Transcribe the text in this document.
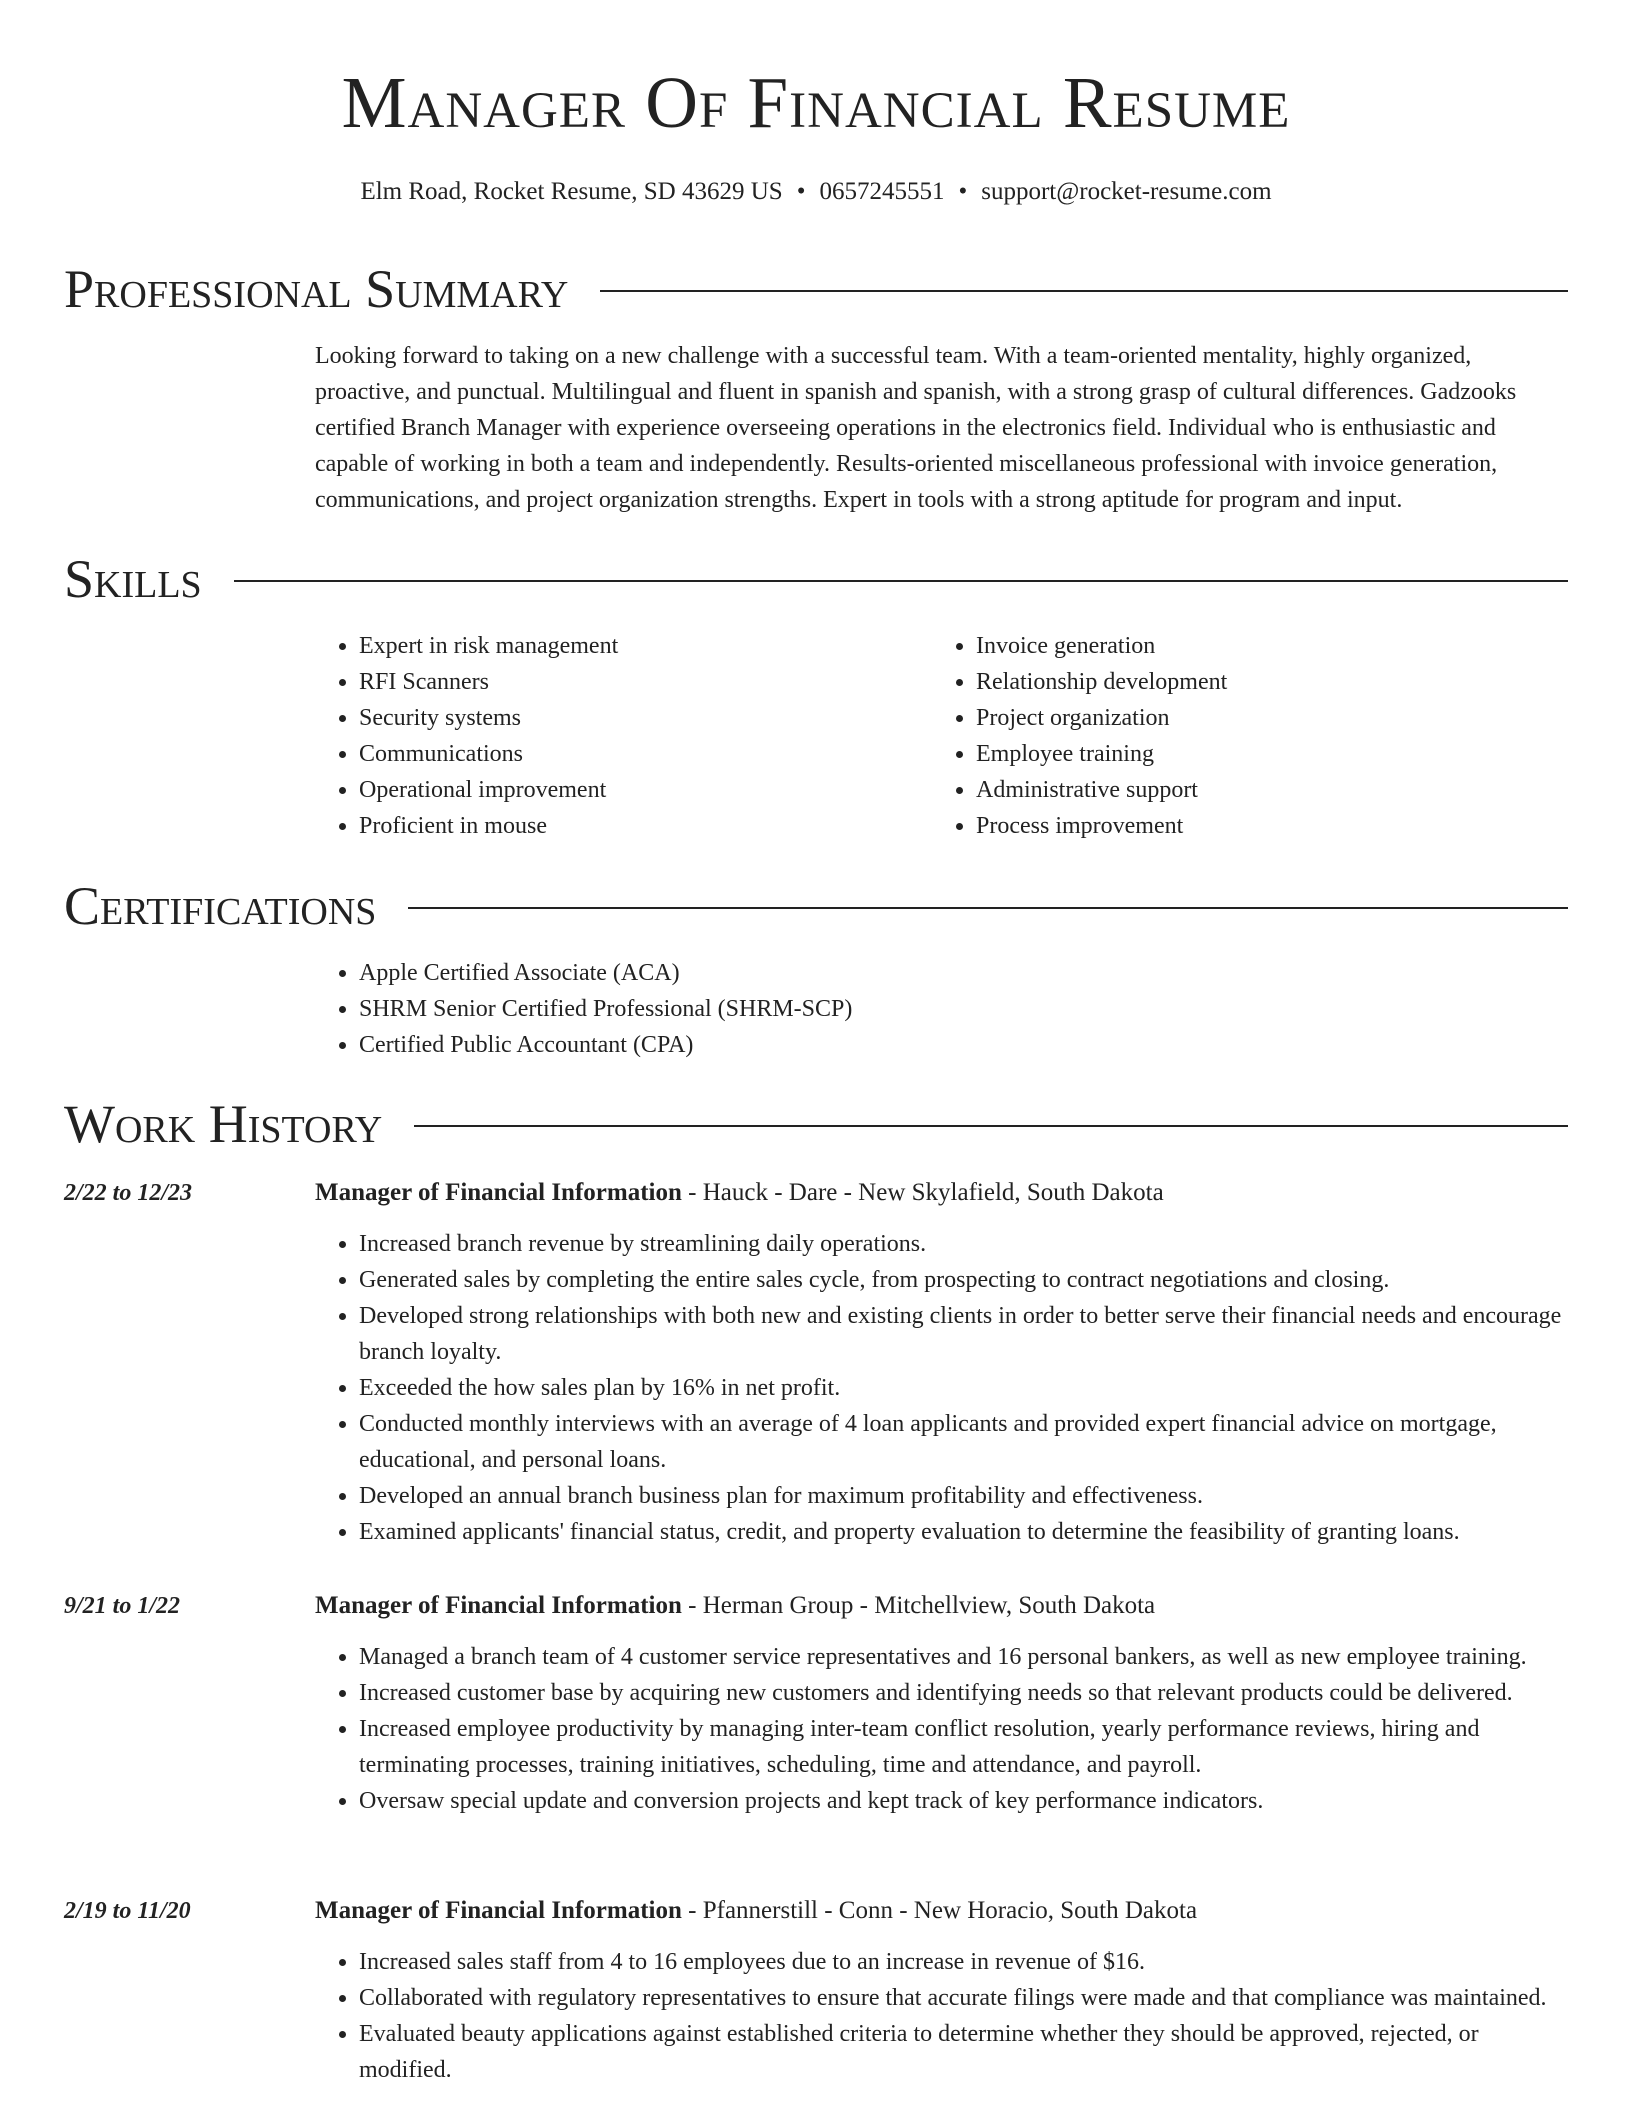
Manager Of Financial Resume
Elm Road, Rocket Resume, SD 43629 US • 0657245551 • support@rocket-resume.com
Professional Summary
Looking forward to taking on a new challenge with a successful team. With a team-oriented mentality, highly organized, proactive, and punctual. Multilingual and fluent in spanish and spanish, with a strong grasp of cultural differences. Gadzooks certified Branch Manager with experience overseeing operations in the electronics field. Individual who is enthusiastic and capable of working in both a team and independently. Results-oriented miscellaneous professional with invoice generation, communications, and project organization strengths. Expert in tools with a strong aptitude for program and input.
Skills
• Expert in risk management
• RFI Scanners
• Security systems
• Communications
• Operational improvement
• Proficient in mouse
• Invoice generation
• Relationship development
• Project organization
• Employee training
• Administrative support
• Process improvement
Certifications
• Apple Certified Associate (ACA)
• SHRM Senior Certified Professional (SHRM-SCP)
• Certified Public Accountant (CPA)
Work History
2/22 to 12/23	Manager of Financial Information - Hauck - Dare - New Skylafield, South Dakota
• Increased branch revenue by streamlining daily operations.
• Generated sales by completing the entire sales cycle, from prospecting to contract negotiations and closing.
• Developed strong relationships with both new and existing clients in order to better serve their financial needs and encourage branch loyalty.
• Exceeded the how sales plan by 16% in net profit.
• Conducted monthly interviews with an average of 4 loan applicants and provided expert financial advice on mortgage, educational, and personal loans.
• Developed an annual branch business plan for maximum profitability and effectiveness.
• Examined applicants' financial status, credit, and property evaluation to determine the feasibility of granting loans.
9/21 to 1/22	Manager of Financial Information - Herman Group - Mitchellview, South Dakota
• Managed a branch team of 4 customer service representatives and 16 personal bankers, as well as new employee training.
• Increased customer base by acquiring new customers and identifying needs so that relevant products could be delivered.
• Increased employee productivity by managing inter-team conflict resolution, yearly performance reviews, hiring and terminating processes, training initiatives, scheduling, time and attendance, and payroll.
• Oversaw special update and conversion projects and kept track of key performance indicators.
2/19 to 11/20	Manager of Financial Information - Pfannerstill - Conn - New Horacio, South Dakota
• Increased sales staff from 4 to 16 employees due to an increase in revenue of $16.
• Collaborated with regulatory representatives to ensure that accurate filings were made and that compliance was maintained.
• Evaluated beauty applications against established criteria to determine whether they should be approved, rejected, or modified.
